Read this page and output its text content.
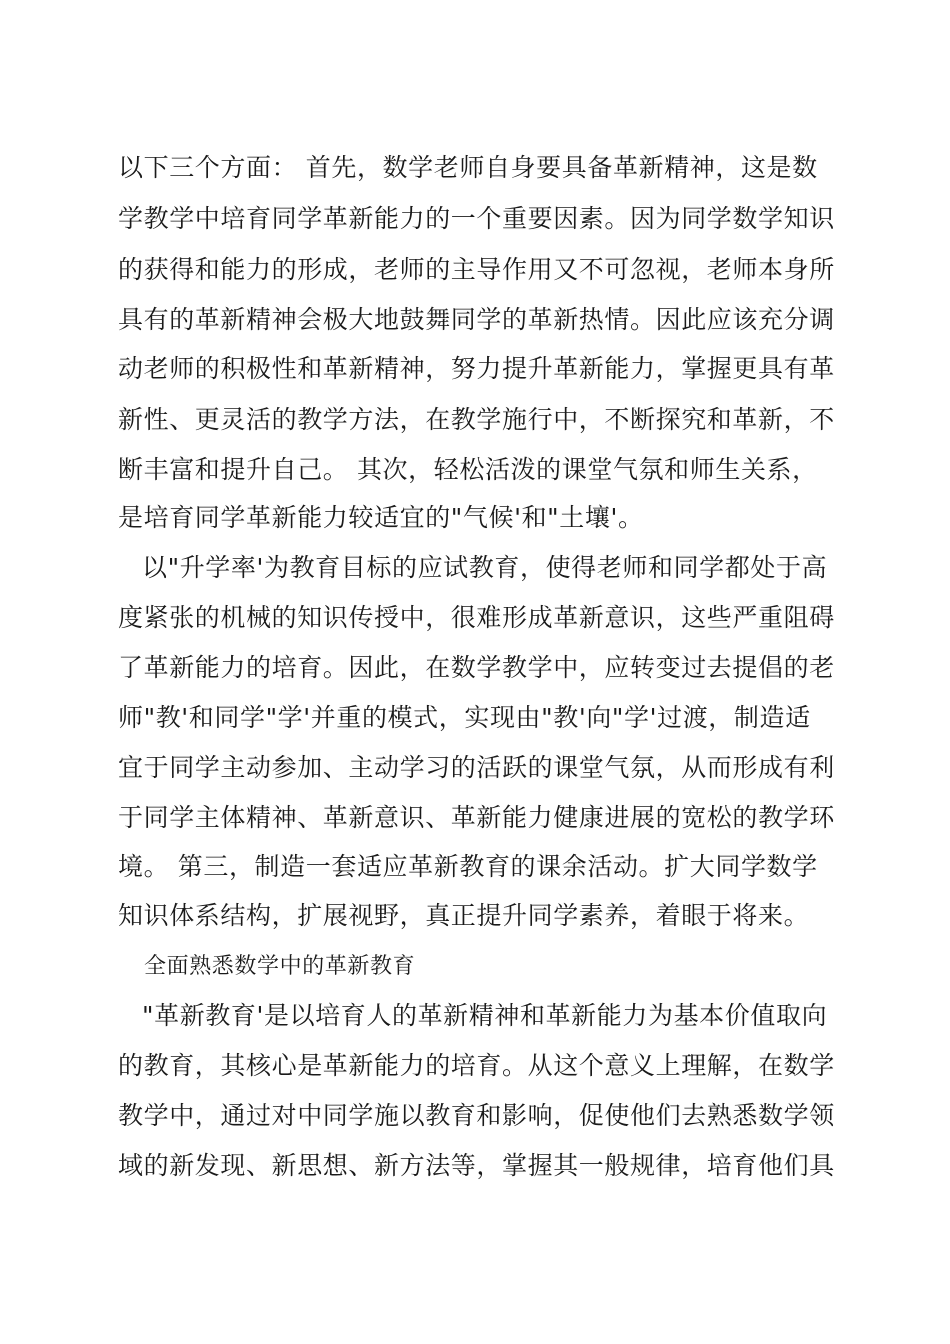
以下三个方面： 首先，数学老师自身要具备革新精神，这是数
学教学中培育同学革新能力的一个重要因素。因为同学数学知识
的获得和能力的形成，老师的主导作用又不可忽视，老师本身所
具有的革新精神会极大地鼓舞同学的革新热情。因此应该充分调
动老师的积极性和革新精神，努力提升革新能力，掌握更具有革
新性、更灵活的教学方法，在教学施行中，不断探究和革新，不
断丰富和提升自己。 其次，轻松活泼的课堂气氛和师生关系，
是培育同学革新能力较适宜的"气候'和"土壤'。
以"升学率'为教育目标的应试教育，使得老师和同学都处于高
度紧张的机械的知识传授中，很难形成革新意识，这些严重阻碍
了革新能力的培育。因此，在数学教学中，应转变过去提倡的老
师"教'和同学"学'并重的模式，实现由"教'向"学'过渡，制造适
宜于同学主动参加、主动学习的活跃的课堂气氛，从而形成有利
于同学主体精神、革新意识、革新能力健康进展的宽松的教学环
境。 第三，制造一套适应革新教育的课余活动。扩大同学数学
知识体系结构，扩展视野，真正提升同学素养，着眼于将来。
全面熟悉数学中的革新教育
"革新教育'是以培育人的革新精神和革新能力为基本价值取向
的教育，其核心是革新能力的培育。从这个意义上理解，在数学
教学中，通过对中同学施以教育和影响，促使他们去熟悉数学领
域的新发现、新思想、新方法等，掌握其一般规律，培育他们具
